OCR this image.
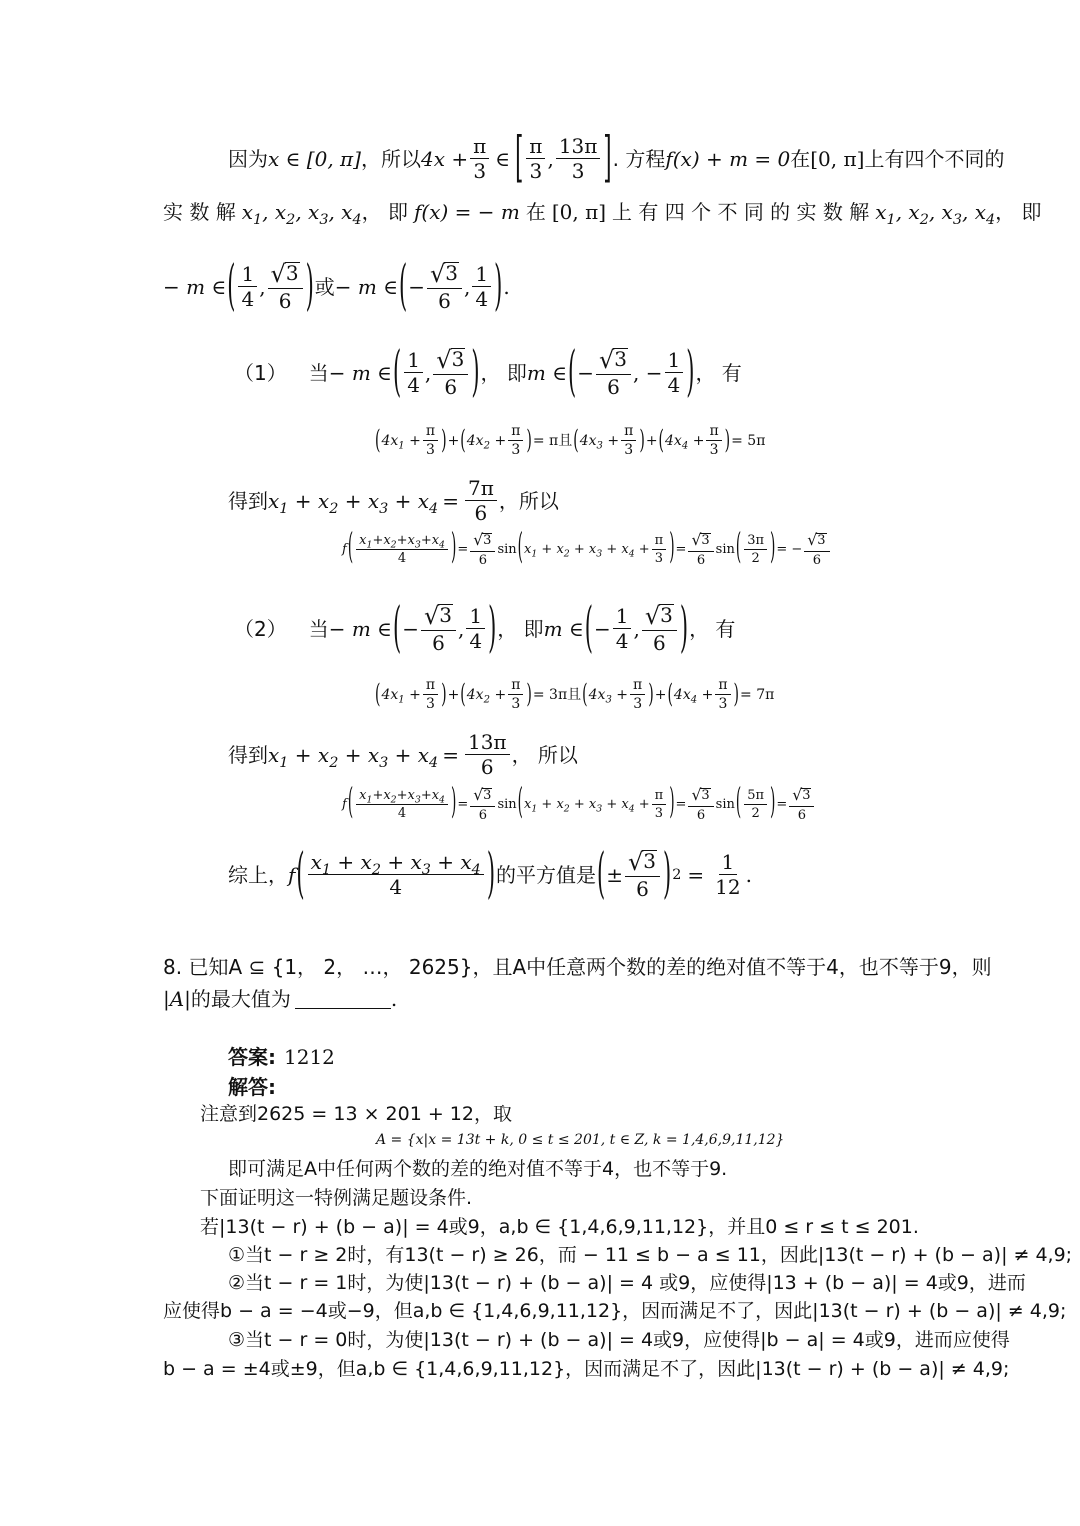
因为 x ∈ [0, π] ，所以 $4x + \frac{\pi}{3}$ ∈ [ $\frac{\pi}{3}$ , $\frac{13\pi}{3}$ ] . 方程 f(x) + m = 0 在 [0, π] 上有四个不同的
实 数 解 $x_1$, $x_2$, $x_3$, $x_4$ ， 即 f(x) = − m 在 [0, π] 上 有 四 个 不 同 的 实 数 解 $x_1$, $x_2$, $x_3$, $x_4$ ， 即
− m ∈ ( $\frac{1}{4}$ , $\frac{√ 3}{6}$ ) 或 − m ∈ ( − $\frac{√ 3}{6}$ , $\frac{1}{4}$ ) .
（1） 当 − m ∈ ( $\frac{1}{4}$ , $\frac{√ 3}{6}$ ) ， 即 m ∈ ( − $\frac{√ 3}{6}$ , − $\frac{1}{4}$ ) ， 有
( $4x_1 + \frac{\pi}{3}$ ) + ( $4x_2 + \frac{\pi}{3}$ ) = π 且 ( $4x_3 + \frac{\pi}{3}$ ) + ( $4x_4 + \frac{\pi}{3}$ ) = 5π
得到 $x_1 + x_2 + x_3 + x_4 = \frac{7\pi}{6}$ ，所以
f ( $\frac{x_1+x_2+x_3+x_4}{4}$ ) = $\frac{√ 3}{6}$ sin ( $x_1 + x_2 + x_3 + x_4 + \frac{\pi}{3}$ ) = $\frac{√ 3}{6}$ sin ( $\frac{3\pi}{2}$ ) = − $\frac{√ 3}{6}$
（2） 当 − m ∈ ( − $\frac{√ 3}{6}$ , $\frac{1}{4}$ ) ， 即 m ∈ ( − $\frac{1}{4}$ , $\frac{√ 3}{6}$ ) ， 有
( $4x_1 + \frac{\pi}{3}$ ) + ( $4x_2 + \frac{\pi}{3}$ ) = 3π 且 ( $4x_3 + \frac{\pi}{3}$ ) + ( $4x_4 + \frac{\pi}{3}$ ) = 7π
得到 $x_1 + x_2 + x_3 + x_4 = \frac{13\pi}{6}$ ， 所以
f ( $\frac{x_1+x_2+x_3+x_4}{4}$ ) = $\frac{√ 3}{6}$ sin ( $x_1 + x_2 + x_3 + x_4 + \frac{\pi}{3}$ ) = $\frac{√ 3}{6}$ sin ( $\frac{5\pi}{2}$ ) = $\frac{√ 3}{6}$
综上， f ( $\frac{x_1 + x_2 + x_3 + x_4}{4}$ ) 的平方值是 ( ± $\frac{√ 3}{6}$ ) $2 = \frac{1}{12}$ .
8. 已知A ⊆ {1， 2， …， 2625}，且A中任意两个数的差的绝对值不等于4，也不等于9，则
|A| 的最大值为	.
答案: 1212
解答:
注意到2625 = 13 × 201 + 12，取
A = {x|x = 13t + k, 0 ≤ t ≤ 201, t ∈ Z, k = 1,4,6,9,11,12}
即可满足A中任何两个数的差的绝对值不等于4，也不等于9.
下面证明这一特例满足题设条件.
若|13(t − r) + (b − a)| = 4或9，a,b ∈ {1,4,6,9,11,12}，并且0 ≤ r ≤ t ≤ 201.
①当t − r ≥ 2时，有13(t − r) ≥ 26，而 − 11 ≤ b − a ≤ 11，因此|13(t − r) + (b − a)| ≠ 4,9;
②当t − r = 1时，为使|13(t − r) + (b − a)| = 4 或9，应使得|13 + (b − a)| = 4或9，进而
应使得b − a = −4或−9，但a,b ∈ {1,4,6,9,11,12}，因而满足不了，因此|13(t − r) + (b − a)| ≠ 4,9;
③当t − r = 0时，为使|13(t − r) + (b − a)| = 4或9，应使得|b − a| = 4或9，进而应使得
b − a = ±4或±9，但a,b ∈ {1,4,6,9,11,12}，因而满足不了，因此|13(t − r) + (b − a)| ≠ 4,9;
